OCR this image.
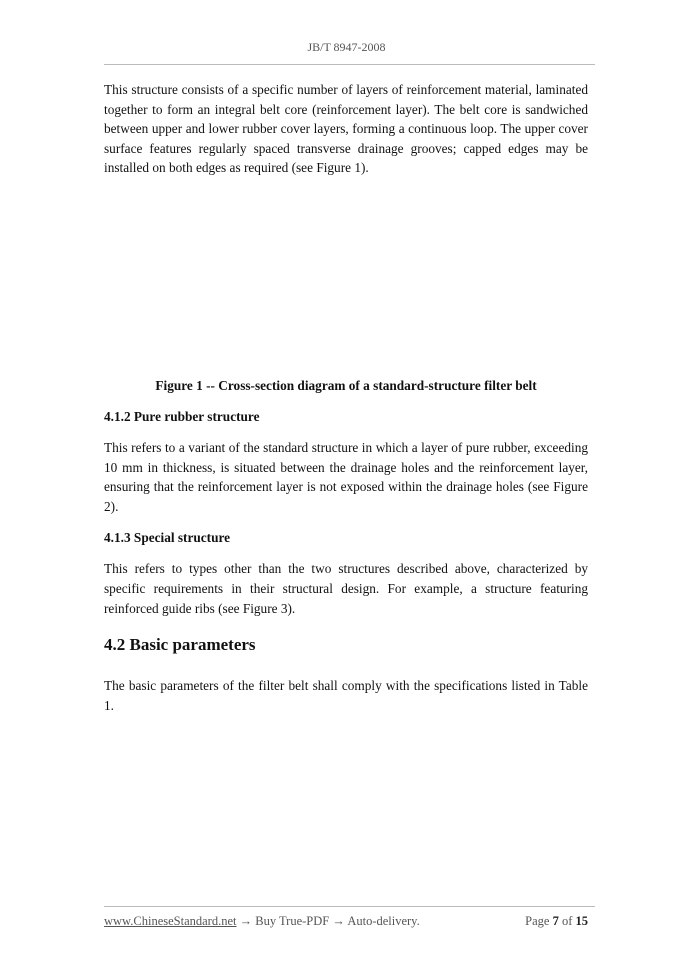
JB/T 8947-2008

This structure consists of a specific number of layers of reinforcement material, laminated together to form an integral belt core (reinforcement layer). The belt core is sandwiched between upper and lower rubber cover layers, forming a continuous loop. The upper cover surface features regularly spaced transverse drainage grooves; capped edges may be installed on both edges as required (see Figure 1).

Figure 1 -- Cross-section diagram of a standard-structure filter belt

4.1.2 Pure rubber structure

This refers to a variant of the standard structure in which a layer of pure rubber, exceeding 10 mm in thickness, is situated between the drainage holes and the reinforcement layer, ensuring that the reinforcement layer is not exposed within the drainage holes (see Figure 2).

4.1.3 Special structure

This refers to types other than the two structures described above, characterized by specific requirements in their structural design. For example, a structure featuring reinforced guide ribs (see Figure 3).

4.2 Basic parameters

The basic parameters of the filter belt shall comply with the specifications listed in Table 1.

www.ChineseStandard.net → Buy True-PDF → Auto-delivery.	Page 7 of 15
